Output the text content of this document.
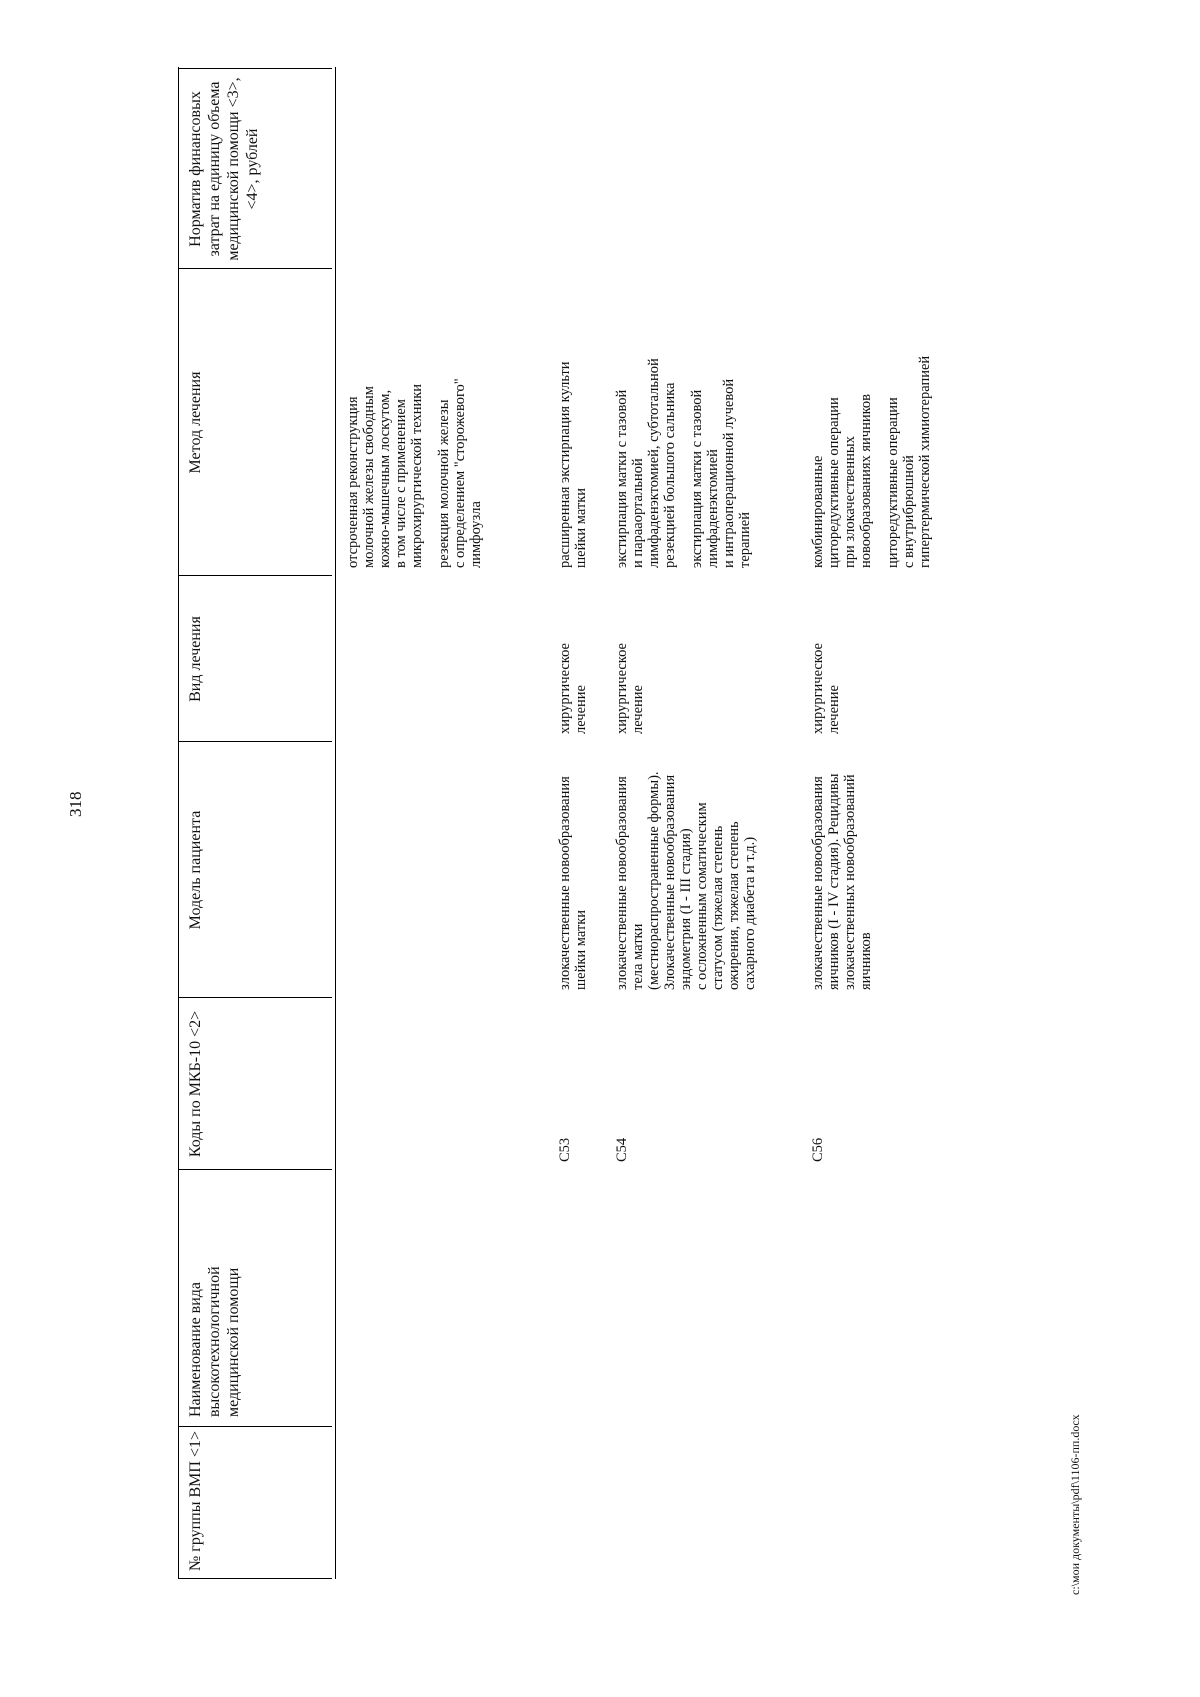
318
№ группы ВМП <1>
Наименование вида высокотехнологичной медицинской помощи
Коды по МКБ-10 <2>
Модель пациента
Вид лечения
Метод лечения
Норматив финансовых затрат на единицу объема медицинской помощи <3>, <4>, рублей
отсроченная реконструкция молочной железы свободным кожно-мышечным лоскутом, в том числе с применением микрохирургической техники резекция молочной железы с определением "сторожевого" лимфоузла
C53
злокачественные новообразования шейки матки
хирургическое лечение
расширенная экстирпация культи шейки матки
C54
злокачественные новообразования тела матки (местнораспространенные формы). Злокачественные новообразования эндометрия (I - III стадия) с осложненным соматическим статусом (тяжелая степень ожирения, тяжелая степень сахарного диабета и т.д.)
хирургическое лечение
экстирпация матки с тазовой и парааортальной лимфаденэктомией, субтотальной резекцией большого сальника экстирпация матки с тазовой лимфаденэктомией и интраоперационной лучевой терапией
C56
злокачественные новообразования яичников (I - IV стадия). Рецидивы злокачественных новообразований яичников
хирургическое лечение
комбинированные циторедуктивные операции при злокачественных новообразованиях яичников циторедуктивные операции с внутрибрюшной гипертермической химиотерапией
c:\мои документы\pdf\1106-пп.docx
